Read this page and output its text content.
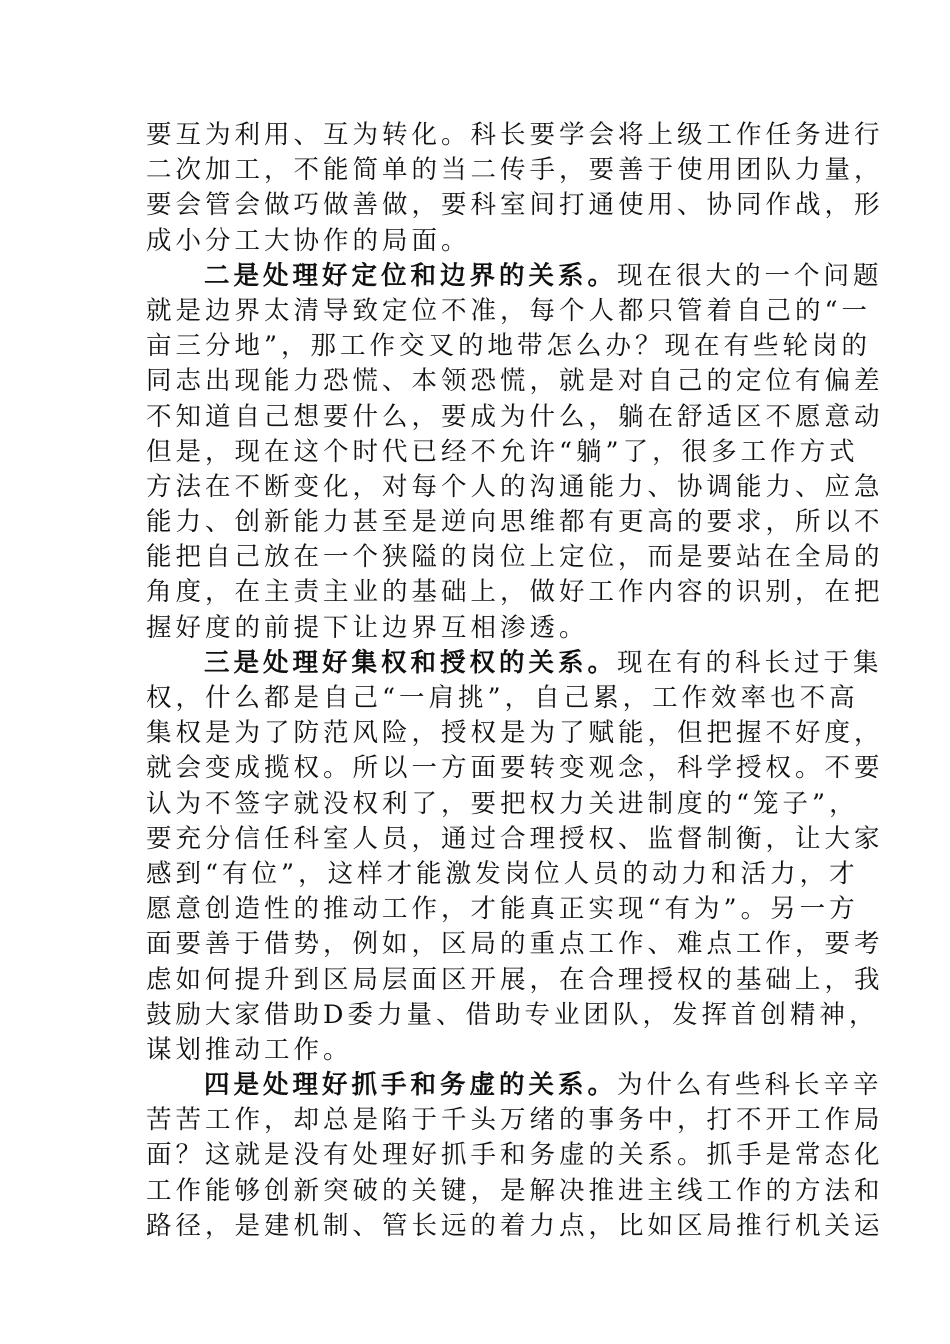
要互为利用、互为转化。科长要学会将上级工作任务进行
二次加工，不能简单的当二传手，要善于使用团队力量，
要会管会做巧做善做，要科室间打通使用、协同作战，形
成小分工大协作的局面。
二是处理好定位和边界的关系。现在很大的一个问题
就是边界太清导致定位不准，每个人都只管着自己的“一
亩三分地”，那工作交叉的地带怎么办？现在有些轮岗的
同志出现能力恐慌、本领恐慌，就是对自己的定位有偏差
不知道自己想要什么，要成为什么，躺在舒适区不愿意动
但是，现在这个时代已经不允许“躺”了，很多工作方式
方法在不断变化，对每个人的沟通能力、协调能力、应急
能力、创新能力甚至是逆向思维都有更高的要求，所以不
能把自己放在一个狭隘的岗位上定位，而是要站在全局的
角度，在主责主业的基础上，做好工作内容的识别，在把
握好度的前提下让边界互相渗透。
三是处理好集权和授权的关系。现在有的科长过于集
权，什么都是自己“一肩挑”，自己累，工作效率也不高
集权是为了防范风险，授权是为了赋能，但把握不好度，
就会变成揽权。所以一方面要转变观念，科学授权。不要
认为不签字就没权利了，要把权力关进制度的“笼子”，
要充分信任科室人员，通过合理授权、监督制衡，让大家
感到“有位”，这样才能激发岗位人员的动力和活力，才
愿意创造性的推动工作，才能真正实现“有为”。另一方
面要善于借势，例如，区局的重点工作、难点工作，要考
虑如何提升到区局层面区开展，在合理授权的基础上，我
鼓励大家借助D委力量、借助专业团队，发挥首创精神，
谋划推动工作。
四是处理好抓手和务虚的关系。为什么有些科长辛辛
苦苦工作，却总是陷于千头万绪的事务中，打不开工作局
面？这就是没有处理好抓手和务虚的关系。抓手是常态化
工作能够创新突破的关键，是解决推进主线工作的方法和
路径，是建机制、管长远的着力点，比如区局推行机关运
